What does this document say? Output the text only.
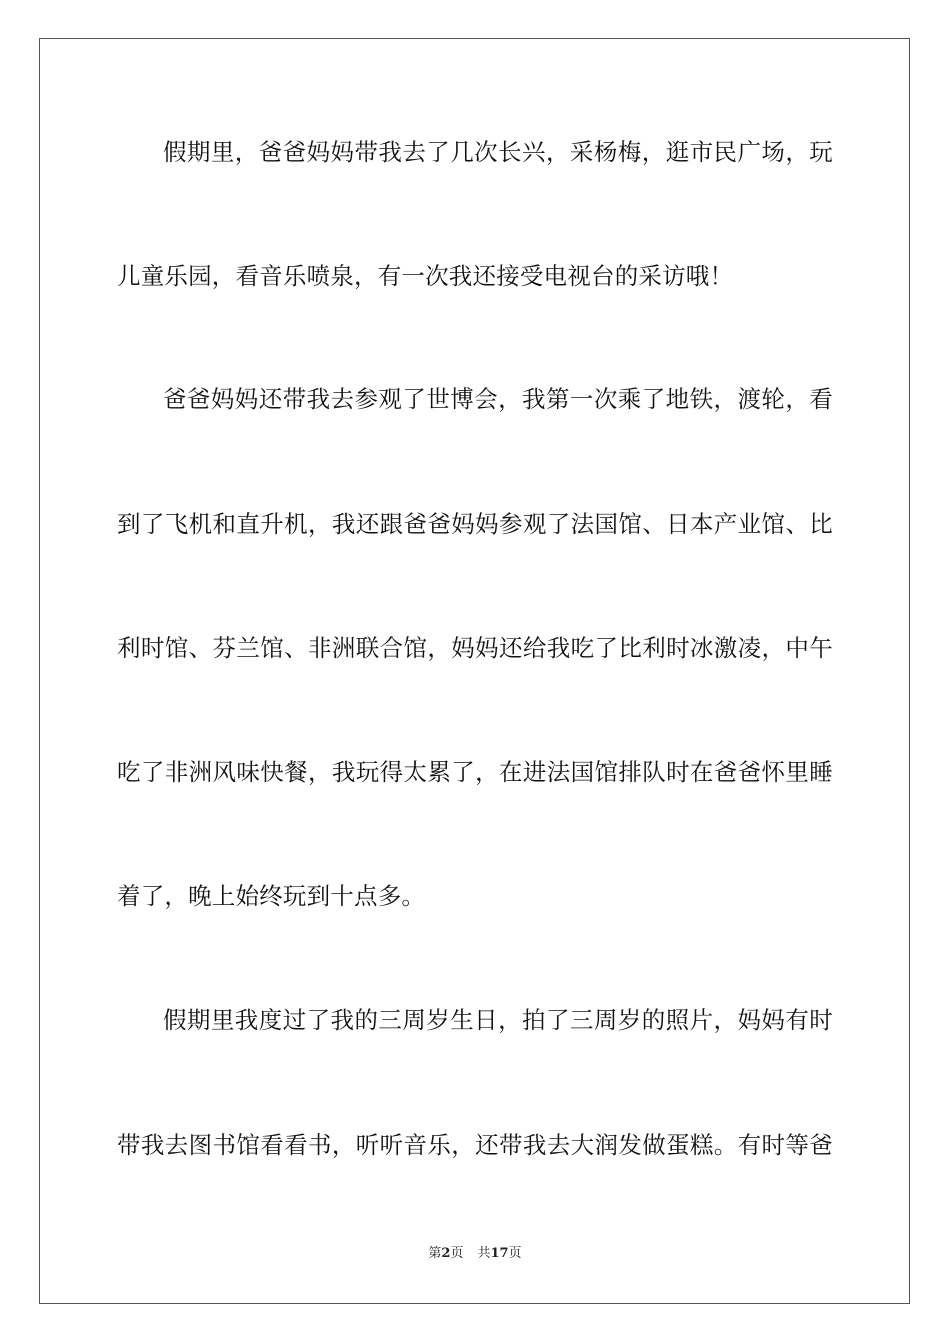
假期里，爸爸妈妈带我去了几次长兴，采杨梅，逛市民广场，玩
儿童乐园，看音乐喷泉，有一次我还接受电视台的采访哦！
爸爸妈妈还带我去参观了世博会，我第一次乘了地铁，渡轮，看
到了飞机和直升机，我还跟爸爸妈妈参观了法国馆、日本产业馆、比
利时馆、芬兰馆、非洲联合馆，妈妈还给我吃了比利时冰激凌，中午
吃了非洲风味快餐，我玩得太累了，在进法国馆排队时在爸爸怀里睡
着了，晚上始终玩到十点多。
假期里我度过了我的三周岁生日，拍了三周岁的照片，妈妈有时
带我去图书馆看看书，听听音乐，还带我去大润发做蛋糕。有时等爸
第2页 共17页
